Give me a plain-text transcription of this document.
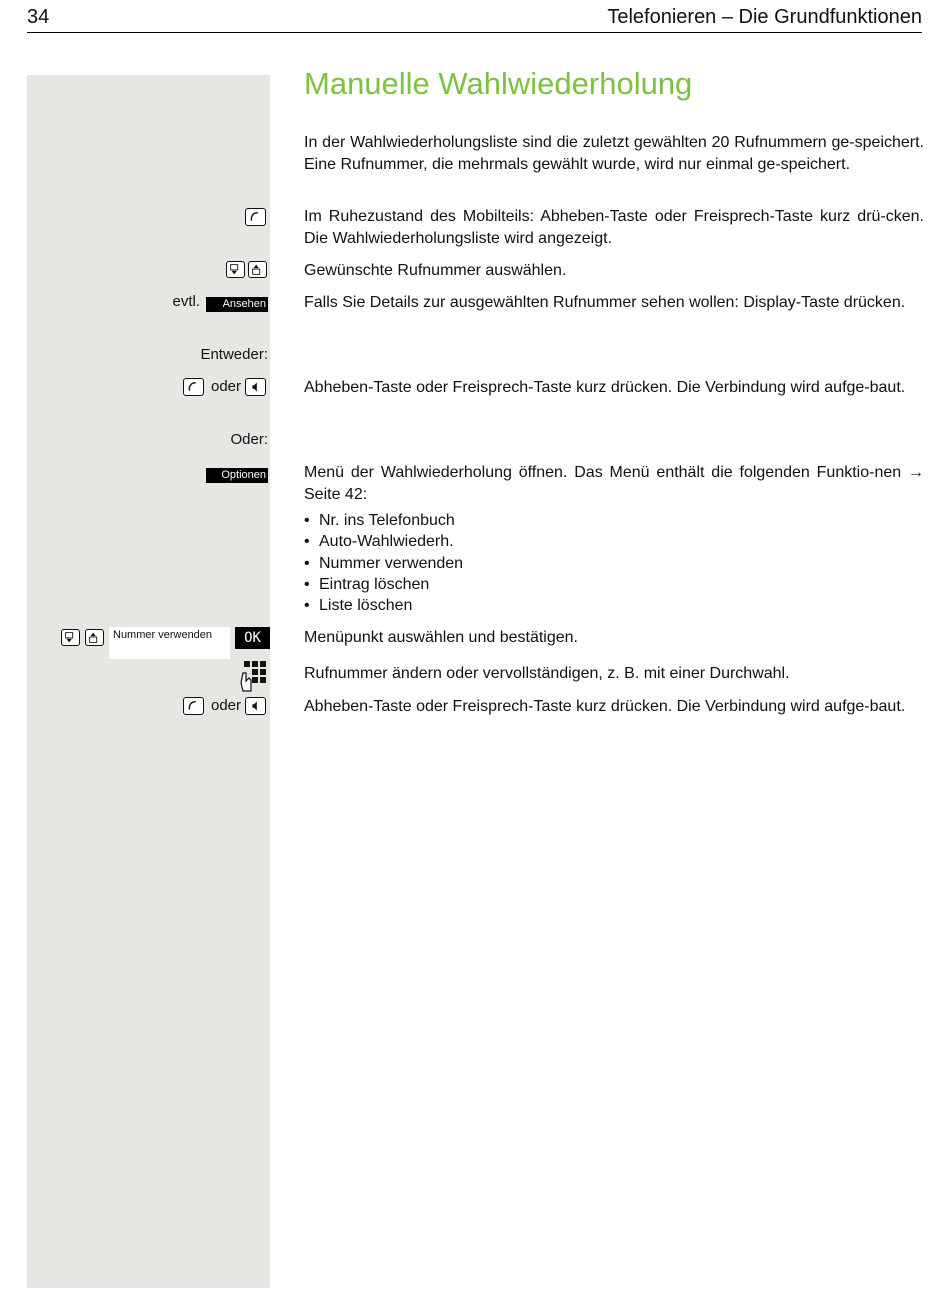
34	Telefonieren – Die Grundfunktionen
Manuelle Wahlwiederholung

In der Wahlwiederholungsliste sind die zuletzt gewählten 20 Rufnummern ge-speichert. Eine Rufnummer, die mehrmals gewählt wurde, wird nur einmal ge-speichert.

Im Ruhezustand des Mobilteils: Abheben-Taste oder Freisprech-Taste kurz drü-cken. Die Wahlwiederholungsliste wird angezeigt.

Gewünschte Rufnummer auswählen.

evtl.	Ansehen Falls Sie Details zur ausgewählten Rufnummer sehen wollen: Display-Taste drücken.

Entweder:
oder	Abheben-Taste oder Freisprech-Taste kurz drücken. Die Verbindung wird aufge-baut.

Oder:
Optionen Menü der Wahlwiederholung öffnen. Das Menü enthält die folgenden Funktio-nen → Seite 42:

• Nr. ins Telefonbuch
• Auto-Wahlwiederh.
• Nummer verwenden
• Eintrag löschen
• Liste löschen
Nummer verwenden	OK	Menüpunkt auswählen und bestätigen.

Rufnummer ändern oder vervollständigen, z. B. mit einer Durchwahl.

oder	Abheben-Taste oder Freisprech-Taste kurz drücken. Die Verbindung wird aufge-baut.
